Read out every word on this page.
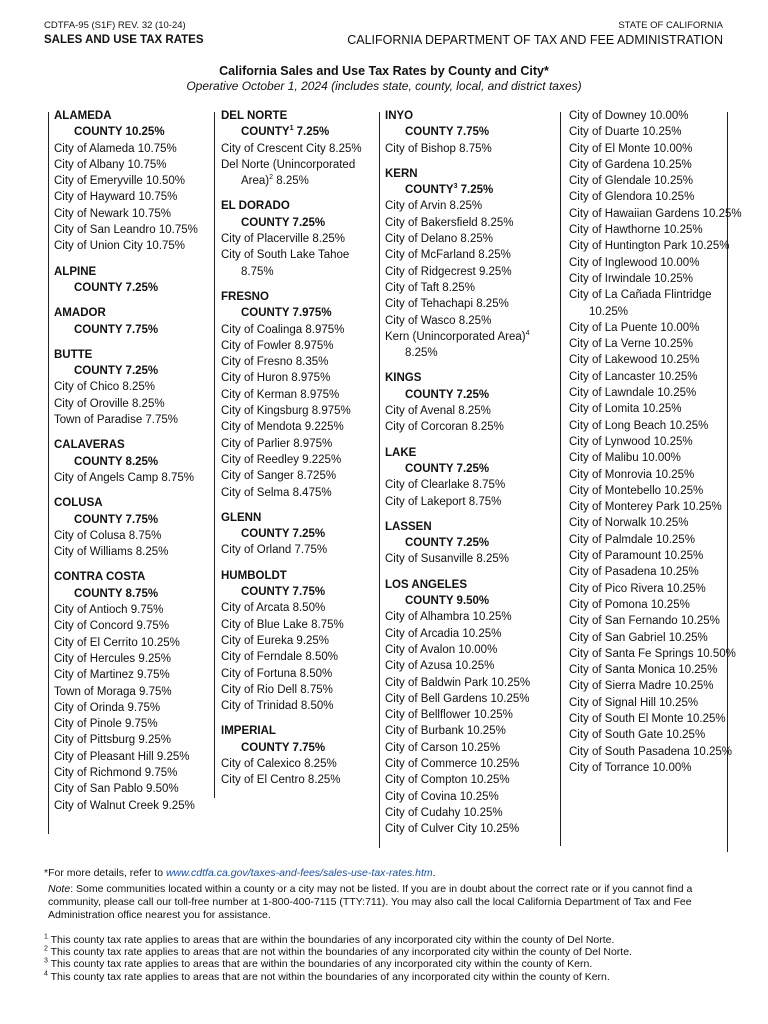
CDTFA-95 (S1F) REV. 32 (10-24)
SALES AND USE TAX RATES
STATE OF CALIFORNIA
CALIFORNIA DEPARTMENT OF TAX AND FEE ADMINISTRATION
California Sales and Use Tax Rates by County and City*
Operative October 1, 2024 (includes state, county, local, and district taxes)
ALAMEDA
COUNTY 10.25%
City of Alameda 10.75%
City of Albany 10.75%
City of Emeryville 10.50%
City of Hayward 10.75%
City of Newark 10.75%
City of San Leandro 10.75%
City of Union City 10.75%
ALPINE
COUNTY 7.25%
AMADOR
COUNTY 7.75%
BUTTE
COUNTY 7.25%
City of Chico 8.25%
City of Oroville 8.25%
Town of Paradise 7.75%
CALAVERAS
COUNTY 8.25%
City of Angels Camp 8.75%
COLUSA
COUNTY 7.75%
City of Colusa 8.75%
City of Williams 8.25%
CONTRA COSTA
COUNTY 8.75%
City of Antioch 9.75%
City of Concord 9.75%
City of El Cerrito 10.25%
City of Hercules 9.25%
City of Martinez 9.75%
Town of Moraga 9.75%
City of Orinda 9.75%
City of Pinole 9.75%
City of Pittsburg 9.25%
City of Pleasant Hill 9.25%
City of Richmond 9.75%
City of San Pablo 9.50%
City of Walnut Creek 9.25%
DEL NORTE
COUNTY$^1$ 7.25%
City of Crescent City 8.25%
Del Norte (Unincorporated Area)$^2$ 8.25%
EL DORADO
COUNTY 7.25%
City of Placerville 8.25%
City of South Lake Tahoe 8.75%
FRESNO
COUNTY 7.975%
City of Coalinga 8.975%
City of Fowler 8.975%
City of Fresno 8.35%
City of Huron 8.975%
City of Kerman 8.975%
City of Kingsburg 8.975%
City of Mendota 9.225%
City of Parlier 8.975%
City of Reedley 9.225%
City of Sanger 8.725%
City of Selma 8.475%
GLENN
COUNTY 7.25%
City of Orland 7.75%
HUMBOLDT
COUNTY 7.75%
City of Arcata 8.50%
City of Blue Lake 8.75%
City of Eureka 9.25%
City of Ferndale 8.50%
City of Fortuna 8.50%
City of Rio Dell 8.75%
City of Trinidad 8.50%
IMPERIAL
COUNTY 7.75%
City of Calexico 8.25%
City of El Centro 8.25%
INYO
COUNTY 7.75%
City of Bishop 8.75%
KERN
COUNTY$^3$ 7.25%
City of Arvin 8.25%
City of Bakersfield 8.25%
City of Delano 8.25%
City of McFarland 8.25%
City of Ridgecrest 9.25%
City of Taft 8.25%
City of Tehachapi 8.25%
City of Wasco 8.25%
Kern (Unincorporated Area)$^4$ 8.25%
KINGS
COUNTY 7.25%
City of Avenal 8.25%
City of Corcoran 8.25%
LAKE
COUNTY 7.25%
City of Clearlake 8.75%
City of Lakeport 8.75%
LASSEN
COUNTY 7.25%
City of Susanville 8.25%
LOS ANGELES
COUNTY 9.50%
City of Alhambra 10.25%
City of Arcadia 10.25%
City of Avalon 10.00%
City of Azusa 10.25%
City of Baldwin Park 10.25%
City of Bell Gardens 10.25%
City of Bellflower 10.25%
City of Burbank 10.25%
City of Carson 10.25%
City of Commerce 10.25%
City of Compton 10.25%
City of Covina 10.25%
City of Cudahy 10.25%
City of Culver City 10.25%
City of Downey 10.00%
City of Duarte 10.25%
City of El Monte 10.00%
City of Gardena 10.25%
City of Glendale 10.25%
City of Glendora 10.25%
City of Hawaiian Gardens 10.25%
City of Hawthorne 10.25%
City of Huntington Park 10.25%
City of Inglewood 10.00%
City of Irwindale 10.25%
City of La Cañada Flintridge 10.25%
City of La Puente 10.00%
City of La Verne 10.25%
City of Lakewood 10.25%
City of Lancaster 10.25%
City of Lawndale 10.25%
City of Lomita 10.25%
City of Long Beach 10.25%
City of Lynwood 10.25%
City of Malibu 10.00%
City of Monrovia 10.25%
City of Montebello 10.25%
City of Monterey Park 10.25%
City of Norwalk 10.25%
City of Palmdale 10.25%
City of Paramount 10.25%
City of Pasadena 10.25%
City of Pico Rivera 10.25%
City of Pomona 10.25%
City of San Fernando 10.25%
City of San Gabriel 10.25%
City of Santa Fe Springs 10.50%
City of Santa Monica 10.25%
City of Sierra Madre 10.25%
City of Signal Hill 10.25%
City of South El Monte 10.25%
City of South Gate 10.25%
City of South Pasadena 10.25%
City of Torrance 10.00%
*For more details, refer to www.cdtfa.ca.gov/taxes-and-fees/sales-use-tax-rates.htm.
Note: Some communities located within a county or a city may not be listed. If you are in doubt about the correct rate or if you cannot find a community, please call our toll-free number at 1-800-400-7115 (TTY:711). You may also call the local California Department of Tax and Fee Administration office nearest you for assistance.
$^1$ This county tax rate applies to areas that are within the boundaries of any incorporated city within the county of Del Norte.
$^2$ This county tax rate applies to areas that are not within the boundaries of any incorporated city within the county of Del Norte.
$^3$ This county tax rate applies to areas that are within the boundaries of any incorporated city within the county of Kern.
$^4$ This county tax rate applies to areas that are not within the boundaries of any incorporated city within the county of Kern.
